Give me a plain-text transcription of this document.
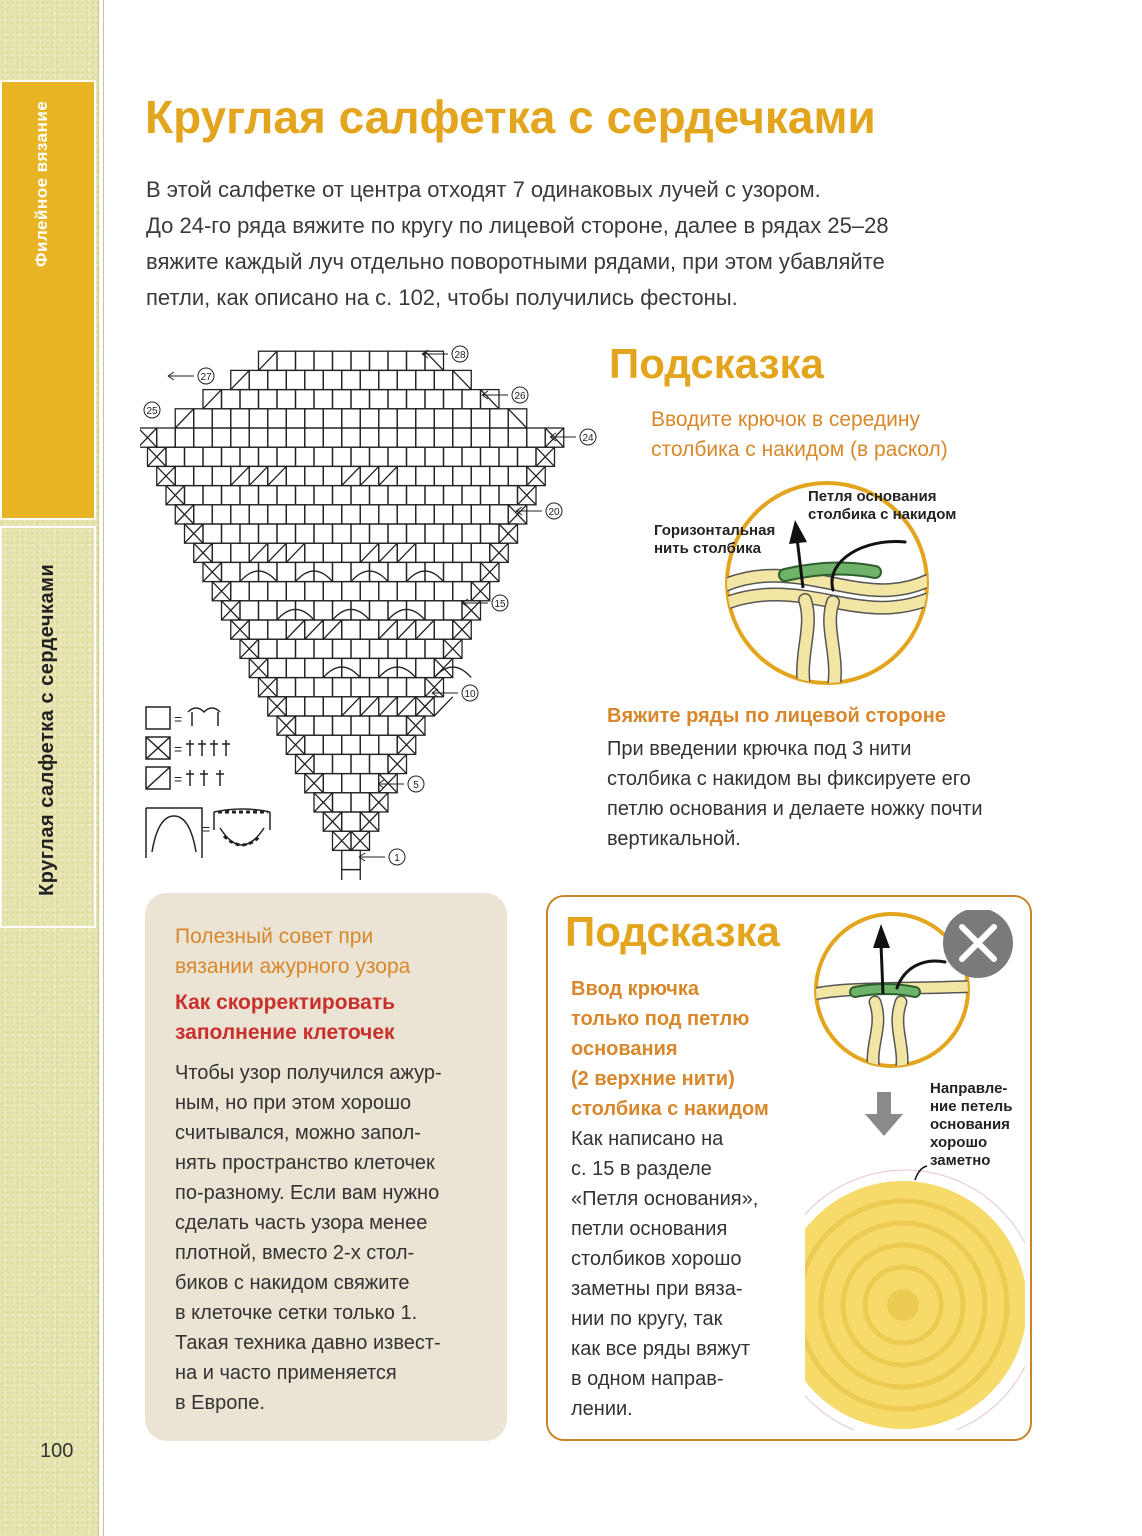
Филейное вязание
Круглая салфетка с сердечками
100
Круглая салфетка с сердечками
В этой салфетке от центра отходят 7 одинаковых лучей с узором.
До 24-го ряда вяжите по кругу по лицевой стороне, далее в рядах 25–28
вяжите каждый луч отдельно поворотными рядами, при этом убавляйте
петли, как описано на с. 102, чтобы получились фестоны.
28
27
26
25
24
20
15
10
5
1
=
=
=
=
Подсказка
Вводите крючок в середину
столбика с накидом (в раскол)
Горизонтальная
нить столбика
Петля основания
столбика с накидом
Вяжите ряды по лицевой стороне
При введении крючка под 3 нити
столбика с накидом вы фиксируете его
петлю основания и делаете ножку почти
вертикальной.
Полезный совет при
вязании ажурного узора
Как скорректировать
заполнение клеточек
Чтобы узор получился ажур-
ным, но при этом хорошо
считывался, можно запол-
нять пространство клеточек
по-разному. Если вам нужно
сделать часть узора менее
плотной, вместо 2-х стол-
биков с накидом свяжите
в клеточке сетки только 1.
Такая техника давно извест-
на и часто применяется
в Европе.
Подсказка
Ввод крючка
только под петлю
основания
(2 верхние нити)
столбика с накидом
Как написано на
с. 15 в разделе
«Петля основания»,
петли основания
столбиков хорошо
заметны при вяза-
нии по кругу, так
как все ряды вяжут
в одном направ-
лении.
Направле-
ние петель
основания
хорошо
заметно
